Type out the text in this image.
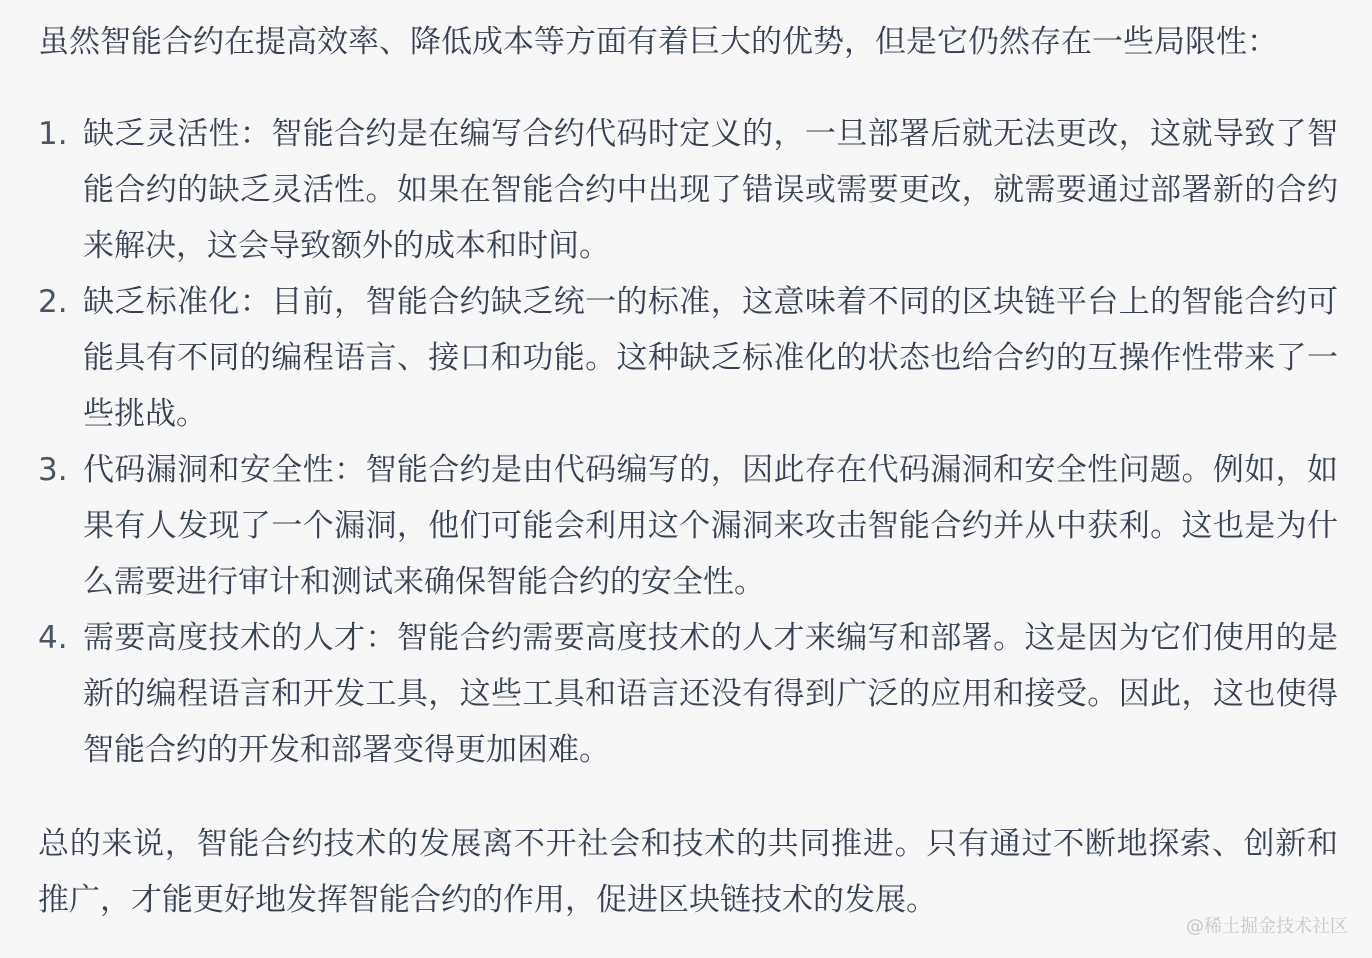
虽然智能合约在提高效率、降低成本等方面有着巨大的优势，但是它仍然存在一些局限性：

1. 缺乏灵活性：智能合约是在编写合约代码时定义的，一旦部署后就无法更改，这就导致了智能合约的缺乏灵活性。如果在智能合约中出现了错误或需要更改，就需要通过部署新的合约来解决，这会导致额外的成本和时间。
2. 缺乏标准化：目前，智能合约缺乏统一的标准，这意味着不同的区块链平台上的智能合约可能具有不同的编程语言、接口和功能。这种缺乏标准化的状态也给合约的互操作性带来了一些挑战。
3. 代码漏洞和安全性：智能合约是由代码编写的，因此存在代码漏洞和安全性问题。例如，如果有人发现了一个漏洞，他们可能会利用这个漏洞来攻击智能合约并从中获利。这也是为什么需要进行审计和测试来确保智能合约的安全性。
4. 需要高度技术的人才：智能合约需要高度技术的人才来编写和部署。这是因为它们使用的是新的编程语言和开发工具，这些工具和语言还没有得到广泛的应用和接受。因此，这也使得智能合约的开发和部署变得更加困难。

总的来说，智能合约技术的发展离不开社会和技术的共同推进。只有通过不断地探索、创新和推广，才能更好地发挥智能合约的作用，促进区块链技术的发展。

@稀土掘金技术社区
